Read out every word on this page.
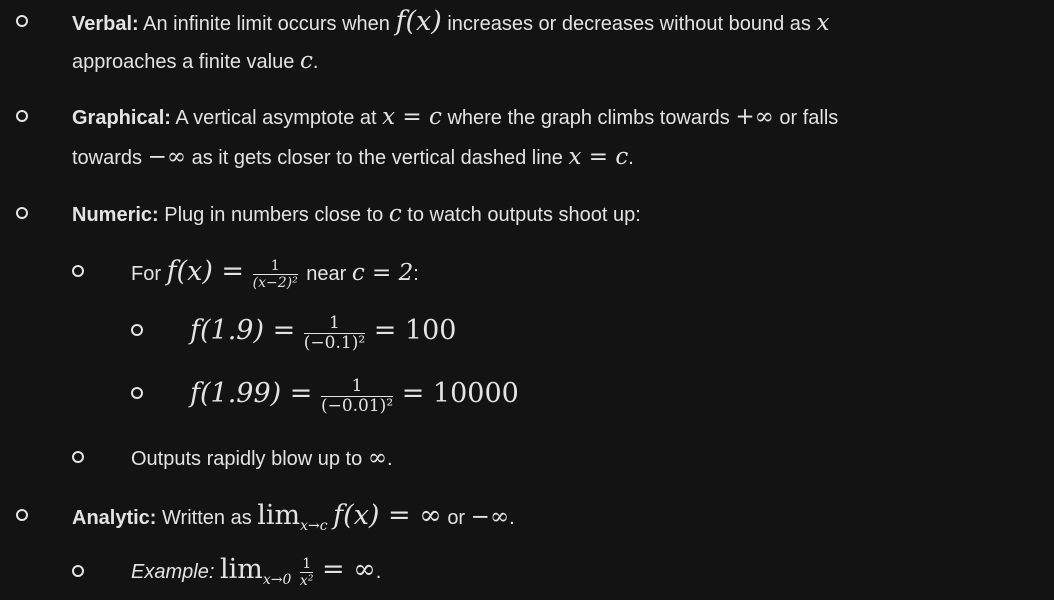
Verbal: An infinite limit occurs when f(x) increases or decreases without bound as x
approaches a finite value c.
Graphical: A vertical asymptote at x = c where the graph climbs towards +∞ or falls
towards −∞ as it gets closer to the vertical dashed line x = c.
Numeric: Plug in numbers close to c to watch outputs shoot up:
For $f(x) = \frac{1}{\text{(x−2)²}}$ near c = 2:
$f(1.9) = \frac{1}{\text{(−0.1)²}} = 100$
$f(1.99) = \frac{1}{\text{(−0.01)²}} = 10000$
Outputs rapidly blow up to ∞.
Analytic: Written as $\lim_{x\to c} f(x)$ = ∞ or −∞.
Example: $\lim_{x\to 0} \frac{1}{\text{x²}}$ = ∞.
